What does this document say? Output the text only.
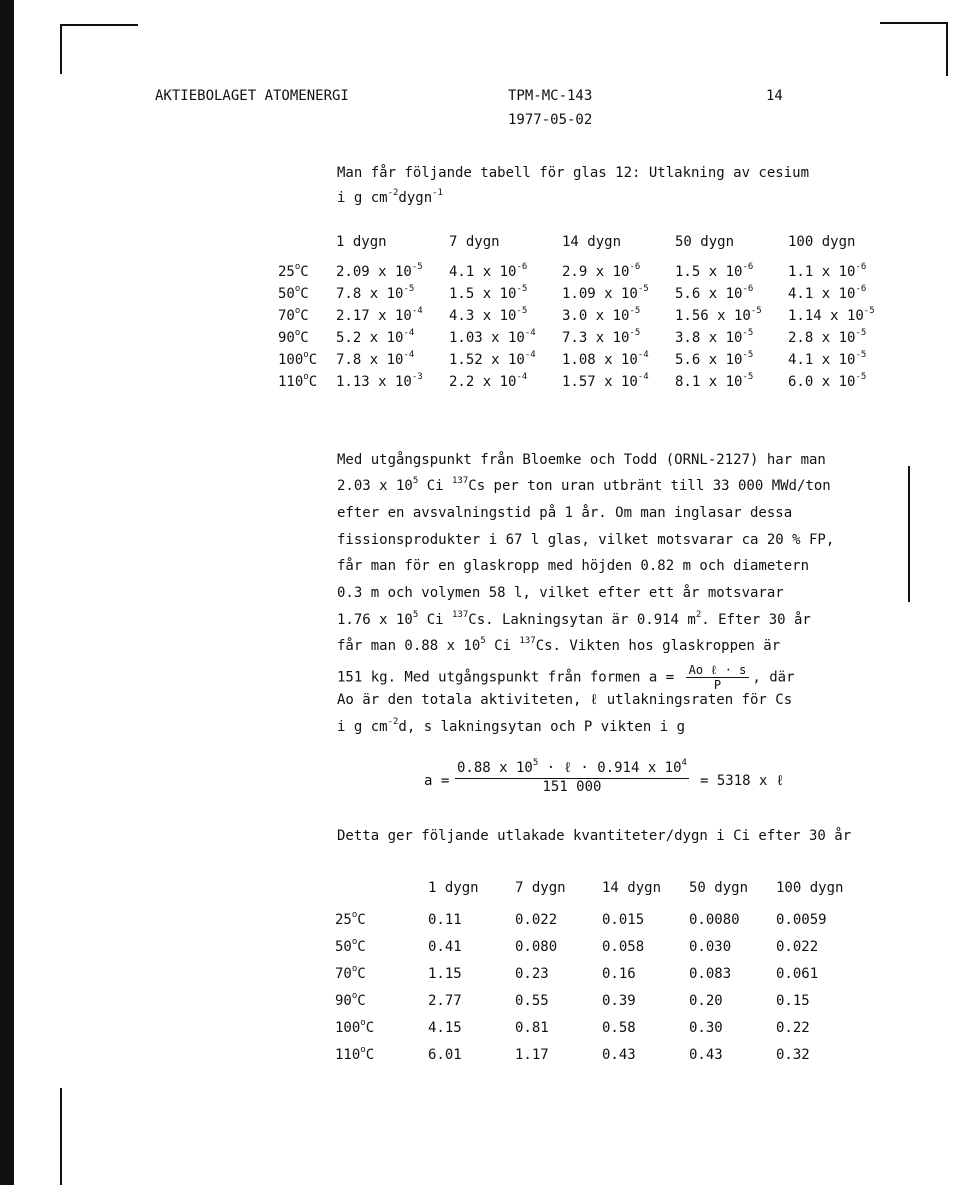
AKTIEBOLAGET ATOMENERGI	TPM-MC-143	14
1977-05-02
Man får följande tabell för glas 12: Utlakning av cesium
i g $cm^{-2}dygn^{-1}$
	1 dygn	7 dygn	14 dygn	50 dygn	100 dygn
25$^o$C	2.09 x $10^{-5}$	4.1 x $10^{-6}$	2.9 x $10^{-6}$	1.5 x $10^{-6}$	1.1 x $10^{-6}$
50$^o$C	7.8 x $10^{-5}$	1.5 x $10^{-5}$	1.09 x $10^{-5}$	5.6 x $10^{-6}$	4.1 x $10^{-6}$
70$^o$C	2.17 x $10^{-4}$	4.3 x $10^{-5}$	3.0 x $10^{-5}$	1.56 x $10^{-5}$	1.14 x $10^{-5}$
90$^o$C	5.2 x $10^{-4}$	1.03 x $10^{-4}$	7.3 x $10^{-5}$	3.8 x $10^{-5}$	2.8 x $10^{-5}$
100$^o$C	7.8 x $10^{-4}$	1.52 x $10^{-4}$	1.08 x $10^{-4}$	5.6 x $10^{-5}$	4.1 x $10^{-5}$
110$^o$C	1.13 x $10^{-3}$	2.2 x $10^{-4}$	1.57 x $10^{-4}$	8.1 x $10^{-5}$	6.0 x $10^{-5}$
Med utgångspunkt från Bloemke och Todd (ORNL-2127) har man
2.03 x $10^5$ Ci $^{137}$Cs per ton uran utbränt till 33 000 MWd/ton
efter en avsvalningstid på 1 år. Om man inglasar dessa
fissionsprodukter i 67 l glas, vilket motsvarar ca 20 % FP,
får man för en glaskropp med höjden 0.82 m och diametern
0.3 m och volymen 58 l, vilket efter ett år motsvarar
1.76 x $10^5$ Ci $^{137}$Cs. Lakningsytan är 0.914 $m^2$. Efter 30 år
får man 0.88 x $10^5$ Ci $^{137}$Cs. Vikten hos glaskroppen är
151 kg. Med utgångspunkt från formen a = Ao ℓ · s
P	, där
Ao är den totala aktiviteten, ℓ utlakningsraten för Cs
i g $cm^{-2}d$, s lakningsytan och P vikten i g
a =
0.88 x $10^5$ · ℓ · 0.914 x $10^4$
151 000	= 5318 x ℓ
Detta ger följande utlakade kvantiteter/dygn i Ci efter 30 år
	1 dygn	7 dygn	14 dygn	50 dygn	100 dygn
25$^o$C	0.11	0.022	0.015	0.0080	0.0059
50$^o$C	0.41	0.080	0.058	0.030	0.022
70$^o$C	1.15	0.23	0.16	0.083	0.061
90$^o$C	2.77	0.55	0.39	0.20	0.15
100$^o$C	4.15	0.81	0.58	0.30	0.22
110$^o$C	6.01	1.17	0.43	0.43	0.32
